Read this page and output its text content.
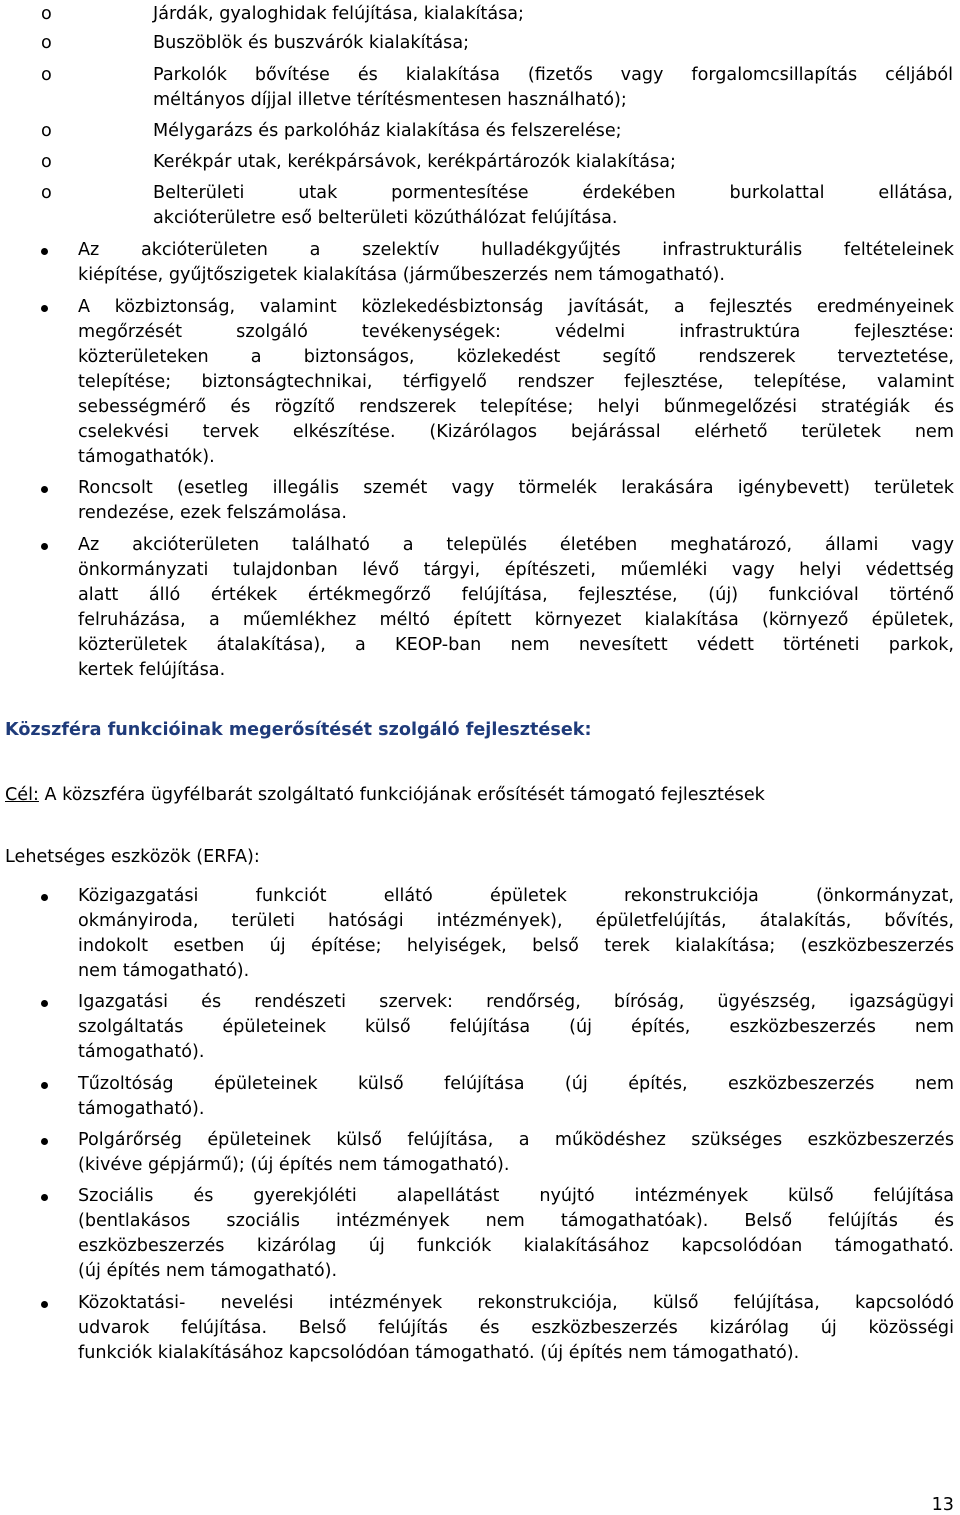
o	Járdák, gyaloghidak felújítása, kialakítása;
o	Buszöblök és buszvárók kialakítása;
o	Parkolók bővítése és kialakítása (fizetős vagy forgalomcsillapítás céljából
méltányos díjjal illetve térítésmentesen használható);
o	Mélygarázs és parkolóház kialakítása és felszerelése;
o	Kerékpár utak, kerékpársávok, kerékpártározók kialakítása;
o	Belterületi utak pormentesítése érdekében burkolattal ellátása,
akcióterületre eső belterületi közúthálózat felújítása.
Az akcióterületen a szelektív hulladékgyűjtés infrastrukturális feltételeinek
kiépítése, gyűjtőszigetek kialakítása (járműbeszerzés nem támogatható).
A közbiztonság, valamint közlekedésbiztonság javítását, a fejlesztés eredményeinek
megőrzését szolgáló tevékenységek: védelmi infrastruktúra fejlesztése:
közterületeken a biztonságos, közlekedést segítő rendszerek terveztetése,
telepítése; biztonságtechnikai, térfigyelő rendszer fejlesztése, telepítése, valamint
sebességmérő és rögzítő rendszerek telepítése; helyi bűnmegelőzési stratégiák és
cselekvési tervek elkészítése. (Kizárólagos bejárással elérhető területek nem
támogathatók).
Roncsolt (esetleg illegális szemét vagy törmelék lerakására igénybevett) területek
rendezése, ezek felszámolása.
Az akcióterületen található a település életében meghatározó, állami vagy
önkormányzati tulajdonban lévő tárgyi, építészeti, műemléki vagy helyi védettség
alatt álló értékek értékmegőrző felújítása, fejlesztése, (új) funkcióval történő
felruházása, a műemlékhez méltó épített környezet kialakítása (környező épületek,
közterületek átalakítása), a KEOP-ban nem nevesített védett történeti parkok,
kertek felújítása.
Közszféra funkcióinak megerősítését szolgáló fejlesztések:
Cél: A közszféra ügyfélbarát szolgáltató funkciójának erősítését támogató fejlesztések
Lehetséges eszközök (ERFA):
Közigazgatási funkciót ellátó épületek rekonstrukciója (önkormányzat,
okmányiroda, területi hatósági intézmények), épületfelújítás, átalakítás, bővítés,
indokolt esetben új építése; helyiségek, belső terek kialakítása; (eszközbeszerzés
nem támogatható).
Igazgatási és rendészeti szervek: rendőrség, bíróság, ügyészség, igazságügyi
szolgáltatás épületeinek külső felújítása (új építés, eszközbeszerzés nem
támogatható).
Tűzoltóság épületeinek külső felújítása (új építés, eszközbeszerzés nem
támogatható).
Polgárőrség épületeinek külső felújítása, a működéshez szükséges eszközbeszerzés
(kivéve gépjármű); (új építés nem támogatható).
Szociális és gyerekjóléti alapellátást nyújtó intézmények külső felújítása
(bentlakásos szociális intézmények nem támogathatóak). Belső felújítás és
eszközbeszerzés kizárólag új funkciók kialakításához kapcsolódóan támogatható.
(új építés nem támogatható).
Közoktatási- nevelési intézmények rekonstrukciója, külső felújítása, kapcsolódó
udvarok felújítása. Belső felújítás és eszközbeszerzés kizárólag új közösségi
funkciók kialakításához kapcsolódóan támogatható. (új építés nem támogatható).
13
